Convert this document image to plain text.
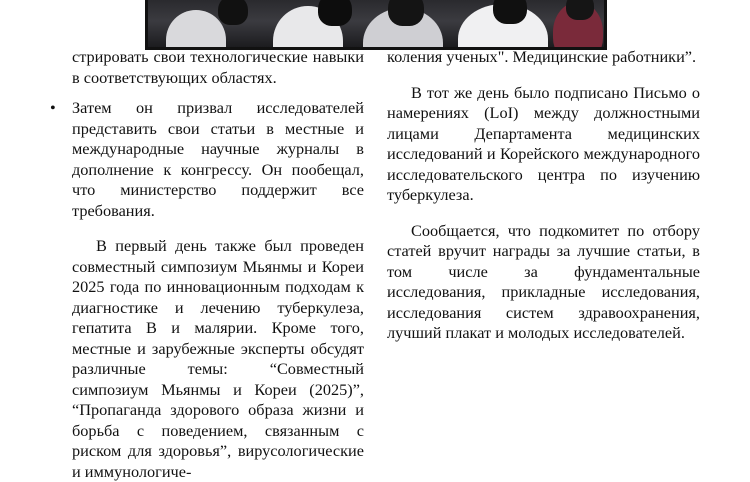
стрировать свои технологические навыки в соответствующих областях.

• Затем он призвал исследователей представить свои статьи в местные и международные научные журналы в дополнение к конгрессу. Он пообещал, что министерство поддержит все требования.

В первый день также был проведен совместный симпозиум Мьянмы и Кореи 2025 года по инновационным подходам к диагностике и лечению туберкулеза, гепатита B и малярии. Кроме того, местные и зарубежные эксперты обсудят различные темы: “Совместный симпозиум Мьянмы и Кореи (2025)”, “Пропаганда здорового образа жизни и борьба с поведением, связанным с риском для здоровья”, вирусологические и иммунологиче-

коления ученых". Медицинские работники”.

В тот же день было подписано Письмо о намерениях (LoI) между должностными лицами Департамента медицинских исследований и Корейского международного исследовательского центра по изучению туберкулеза.

Сообщается, что подкомитет по отбору статей вручит награды за лучшие статьи, в том числе за фундаментальные исследования, прикладные исследования, исследования систем здравоохранения, лучший плакат и молодых исследователей.
